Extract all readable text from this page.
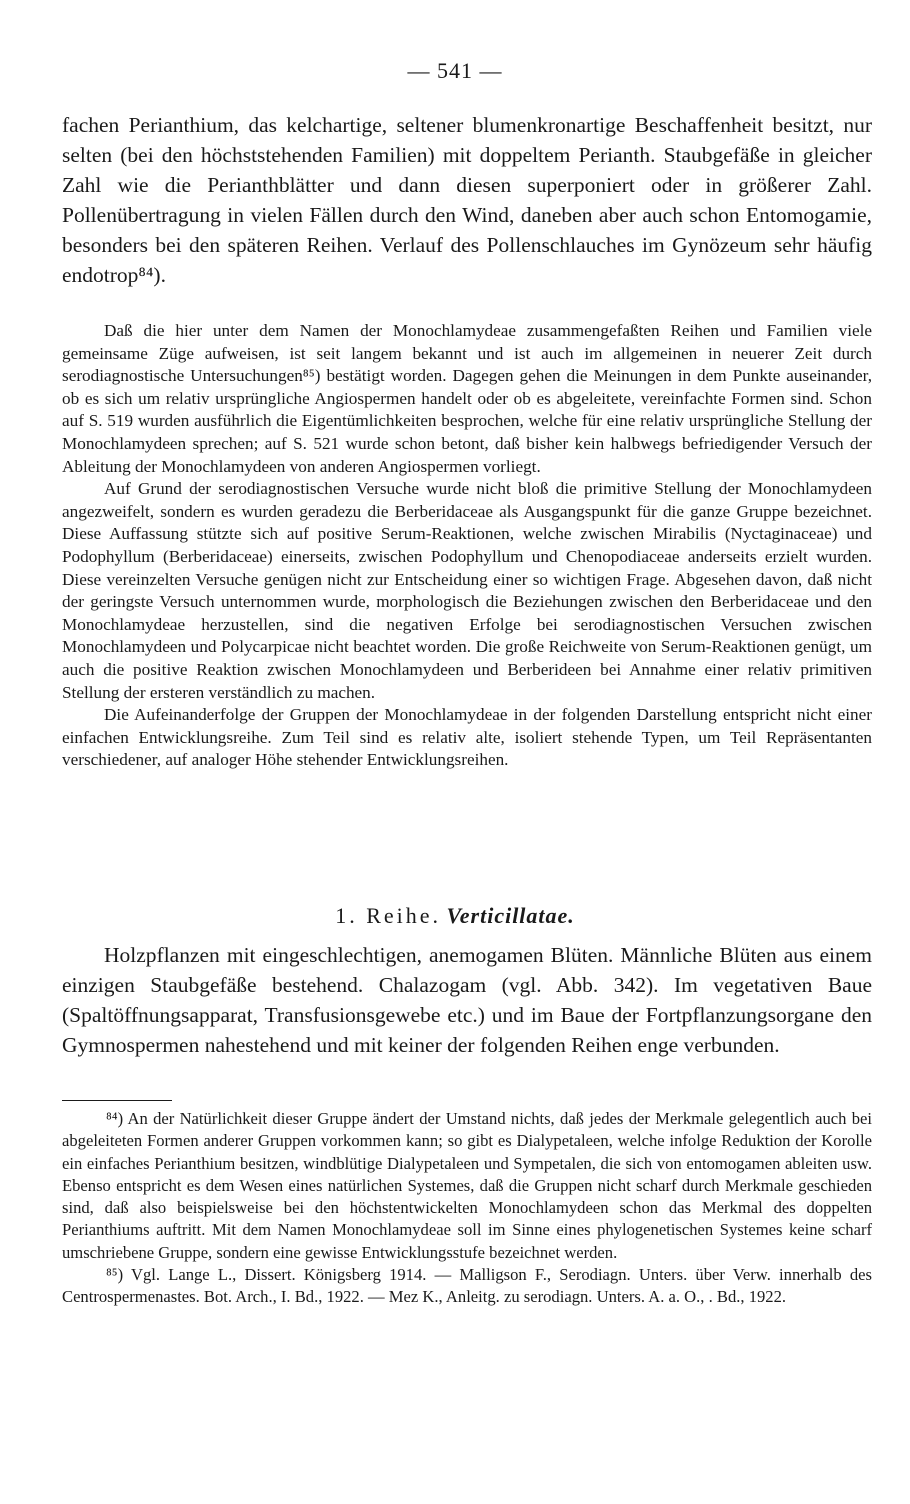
— 541 —

fachen Perianthium, das kelchartige, seltener blumenkronartige Beschaffenheit besitzt, nur selten (bei den höchststehenden Familien) mit doppeltem Perianth. Staubgefäße in gleicher Zahl wie die Perianthblätter und dann diesen superponiert oder in größerer Zahl. Pollenübertragung in vielen Fällen durch den Wind, daneben aber auch schon Entomogamie, besonders bei den späteren Reihen. Verlauf des Pollenschlauches im Gynözeum sehr häufig endotrop⁸⁴).

Daß die hier unter dem Namen der Monochlamydeae zusammengefaßten Reihen und Familien viele gemeinsame Züge aufweisen, ist seit langem bekannt und ist auch im allgemeinen in neuerer Zeit durch serodiagnostische Untersuchungen⁸⁵) bestätigt worden. Dagegen gehen die Meinungen in dem Punkte auseinander, ob es sich um relativ ursprüngliche Angiospermen handelt oder ob es abgeleitete, vereinfachte Formen sind. Schon auf S. 519 wurden ausführlich die Eigentümlichkeiten besprochen, welche für eine relativ ursprüngliche Stellung der Monochlamydeen sprechen; auf S. 521 wurde schon betont, daß bisher kein halbwegs befriedigender Versuch der Ableitung der Monochlamydeen von anderen Angiospermen vorliegt.

Auf Grund der serodiagnostischen Versuche wurde nicht bloß die primitive Stellung der Monochlamydeen angezweifelt, sondern es wurden geradezu die Berberidaceae als Ausgangspunkt für die ganze Gruppe bezeichnet. Diese Auffassung stützte sich auf positive Serum-Reaktionen, welche zwischen Mirabilis (Nyctaginaceae) und Podophyllum (Berberidaceae) einerseits, zwischen Podophyllum und Chenopodiaceae anderseits erzielt wurden. Diese vereinzelten Versuche genügen nicht zur Entscheidung einer so wichtigen Frage. Abgesehen davon, daß nicht der geringste Versuch unternommen wurde, morphologisch die Beziehungen zwischen den Berberidaceae und den Monochlamydeae herzustellen, sind die negativen Erfolge bei serodiagnostischen Versuchen zwischen Monochlamydeen und Polycarpicae nicht beachtet worden. Die große Reichweite von Serum-Reaktionen genügt, um auch die positive Reaktion zwischen Monochlamydeen und Berberideen bei Annahme einer relativ primitiven Stellung der ersteren verständlich zu machen.

Die Aufeinanderfolge der Gruppen der Monochlamydeae in der folgenden Darstellung entspricht nicht einer einfachen Entwicklungsreihe. Zum Teil sind es relativ alte, isoliert stehende Typen, um Teil Repräsentanten verschiedener, auf analoger Höhe stehender Entwicklungsreihen.

1. Reihe. Verticillatae.

Holzpflanzen mit eingeschlechtigen, anemogamen Blüten. Männliche Blüten aus einem einzigen Staubgefäße bestehend. Chalazogam (vgl. Abb. 342). Im vegetativen Baue (Spaltöffnungsapparat, Transfusionsgewebe etc.) und im Baue der Fortpflanzungsorgane den Gymnospermen nahestehend und mit keiner der folgenden Reihen enge verbunden.

⁸⁴) An der Natürlichkeit dieser Gruppe ändert der Umstand nichts, daß jedes der Merkmale gelegentlich auch bei abgeleiteten Formen anderer Gruppen vorkommen kann; so gibt es Dialypetaleen, welche infolge Reduktion der Korolle ein einfaches Perianthium besitzen, windblütige Dialypetaleen und Sympetalen, die sich von entomogamen ableiten usw. Ebenso entspricht es dem Wesen eines natürlichen Systemes, daß die Gruppen nicht scharf durch Merkmale geschieden sind, daß also beispielsweise bei den höchstentwickelten Monochlamydeen schon das Merkmal des doppelten Perianthiums auftritt. Mit dem Namen Monochlamydeae soll im Sinne eines phylogenetischen Systemes keine scharf umschriebene Gruppe, sondern eine gewisse Entwicklungsstufe bezeichnet werden.

⁸⁵) Vgl. Lange L., Dissert. Königsberg 1914. — Malligson F., Serodiagn. Unters. über Verw. innerhalb des Centrospermenastes. Bot. Arch., I. Bd., 1922. — Mez K., Anleitg. zu serodiagn. Unters. A. a. O., . Bd., 1922.
